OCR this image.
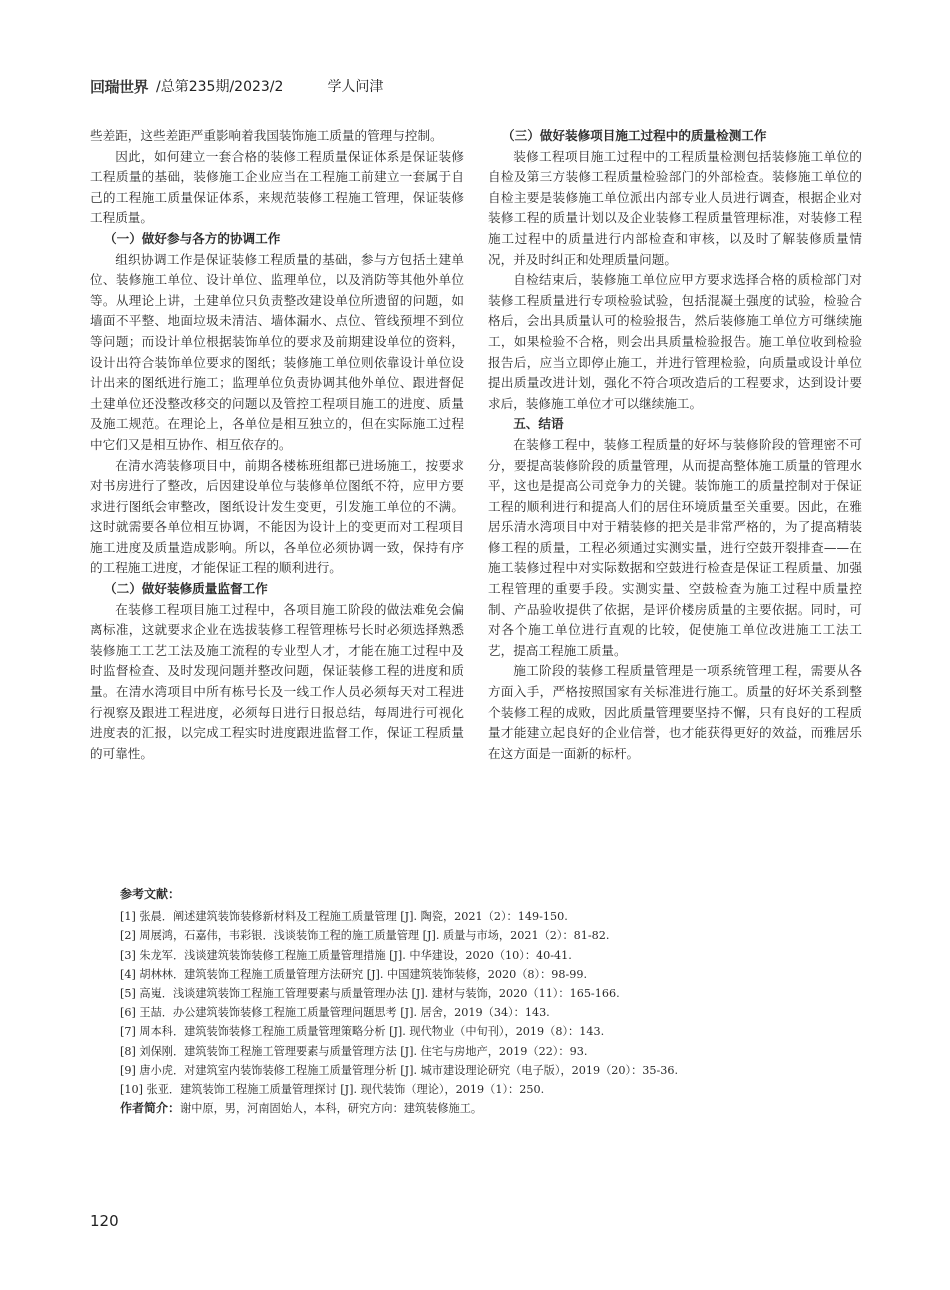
回瑞世界 /总第235期/2023/2	学人问津

些差距，这些差距严重影响着我国装饰施工质量的管理与控制。

因此，如何建立一套合格的装修工程质量保证体系是保证装修工程质量的基础，装修施工企业应当在工程施工前建立一套属于自己的工程施工质量保证体系，来规范装修工程施工管理，保证装修工程质量。

（一）做好参与各方的协调工作

组织协调工作是保证装修工程质量的基础，参与方包括土建单位、装修施工单位、设计单位、监理单位，以及消防等其他外单位等。从理论上讲，土建单位只负责整改建设单位所遗留的问题，如墙面不平整、地面垃圾未清洁、墙体漏水、点位、管线预埋不到位等问题；而设计单位根据装饰单位的要求及前期建设单位的资料，设计出符合装饰单位要求的图纸；装修施工单位则依靠设计单位设计出来的图纸进行施工；监理单位负责协调其他外单位、跟进督促土建单位还没整改移交的问题以及管控工程项目施工的进度、质量及施工规范。在理论上，各单位是相互独立的，但在实际施工过程中它们又是相互协作、相互依存的。

在清水湾装修项目中，前期各楼栋班组都已进场施工，按要求对书房进行了整改，后因建设单位与装修单位图纸不符，应甲方要求进行图纸会审整改，图纸设计发生变更，引发施工单位的不满。这时就需要各单位相互协调，不能因为设计上的变更而对工程项目施工进度及质量造成影响。所以，各单位必须协调一致，保持有序的工程施工进度，才能保证工程的顺利进行。

（二）做好装修质量监督工作

在装修工程项目施工过程中，各项目施工阶段的做法难免会偏离标准，这就要求企业在选拔装修工程管理栋号长时必须选择熟悉装修施工工艺工法及施工流程的专业型人才，才能在施工过程中及时监督检查、及时发现问题并整改问题，保证装修工程的进度和质量。在清水湾项目中所有栋号长及一线工作人员必须每天对工程进行视察及跟进工程进度，必须每日进行日报总结，每周进行可视化进度表的汇报，以完成工程实时进度跟进监督工作，保证工程质量的可靠性。

（三）做好装修项目施工过程中的质量检测工作

装修工程项目施工过程中的工程质量检测包括装修施工单位的自检及第三方装修工程质量检验部门的外部检查。装修施工单位的自检主要是装修施工单位派出内部专业人员进行调查，根据企业对装修工程的质量计划以及企业装修工程质量管理标准，对装修工程施工过程中的质量进行内部检查和审核，以及时了解装修质量情况，并及时纠正和处理质量问题。

自检结束后，装修施工单位应甲方要求选择合格的质检部门对装修工程质量进行专项检验试验，包括混凝土强度的试验，检验合格后，会出具质量认可的检验报告，然后装修施工单位方可继续施工，如果检验不合格，则会出具质量检验报告。施工单位收到检验报告后，应当立即停止施工，并进行管理检验，向质量或设计单位提出质量改进计划，强化不符合项改造后的工程要求，达到设计要求后，装修施工单位才可以继续施工。

五、结语

在装修工程中，装修工程质量的好坏与装修阶段的管理密不可分，要提高装修阶段的质量管理，从而提高整体施工质量的管理水平，这也是提高公司竞争力的关键。装饰施工的质量控制对于保证工程的顺利进行和提高人们的居住环境质量至关重要。因此，在雅居乐清水湾项目中对于精装修的把关是非常严格的，为了提高精装修工程的质量，工程必须通过实测实量，进行空鼓开裂排查——在施工装修过程中对实际数据和空鼓进行检查是保证工程质量、加强工程管理的重要手段。实测实量、空鼓检查为施工过程中质量控制、产品验收提供了依据，是评价楼房质量的主要依据。同时，可对各个施工单位进行直观的比较，促使施工单位改进施工工法工艺，提高工程施工质量。

施工阶段的装修工程质量管理是一项系统管理工程，需要从各方面入手，严格按照国家有关标准进行施工。质量的好坏关系到整个装修工程的成败，因此质量管理要坚持不懈，只有良好的工程质量才能建立起良好的企业信誉，也才能获得更好的效益，而雅居乐在这方面是一面新的标杆。

参考文献：
[1] 张晨．阐述建筑装饰装修新材料及工程施工质量管理 [J]. 陶瓷，2021（2）：149-150.
[2] 周展鸿，石嘉伟，韦彩银．浅谈装饰工程的施工质量管理 [J]. 质量与市场，2021（2）：81-82.
[3] 朱龙军．浅谈建筑装饰装修工程施工质量管理措施 [J]. 中华建设，2020（10）：40-41.
[4] 胡林林．建筑装饰工程施工质量管理方法研究 [J]. 中国建筑装饰装修，2020（8）：98-99.
[5] 高嵬．浅谈建筑装饰工程施工管理要素与质量管理办法 [J]. 建材与装饰，2020（11）：165-166.
[6] 王喆．办公建筑装饰装修工程施工质量管理问题思考 [J]. 居舍，2019（34）：143.
[7] 周本科．建筑装饰装修工程施工质量管理策略分析 [J]. 现代物业（中旬刊），2019（8）：143.
[8] 刘保刚．建筑装饰工程施工管理要素与质量管理方法 [J]. 住宅与房地产，2019（22）：93.
[9] 唐小虎．对建筑室内装饰装修工程施工质量管理分析 [J]. 城市建设理论研究（电子版），2019（20）：35-36.
[10] 张亚．建筑装饰工程施工质量管理探讨 [J]. 现代装饰（理论），2019（1）：250.
作者简介：谢中原，男，河南固始人，本科，研究方向：建筑装修施工。
120
